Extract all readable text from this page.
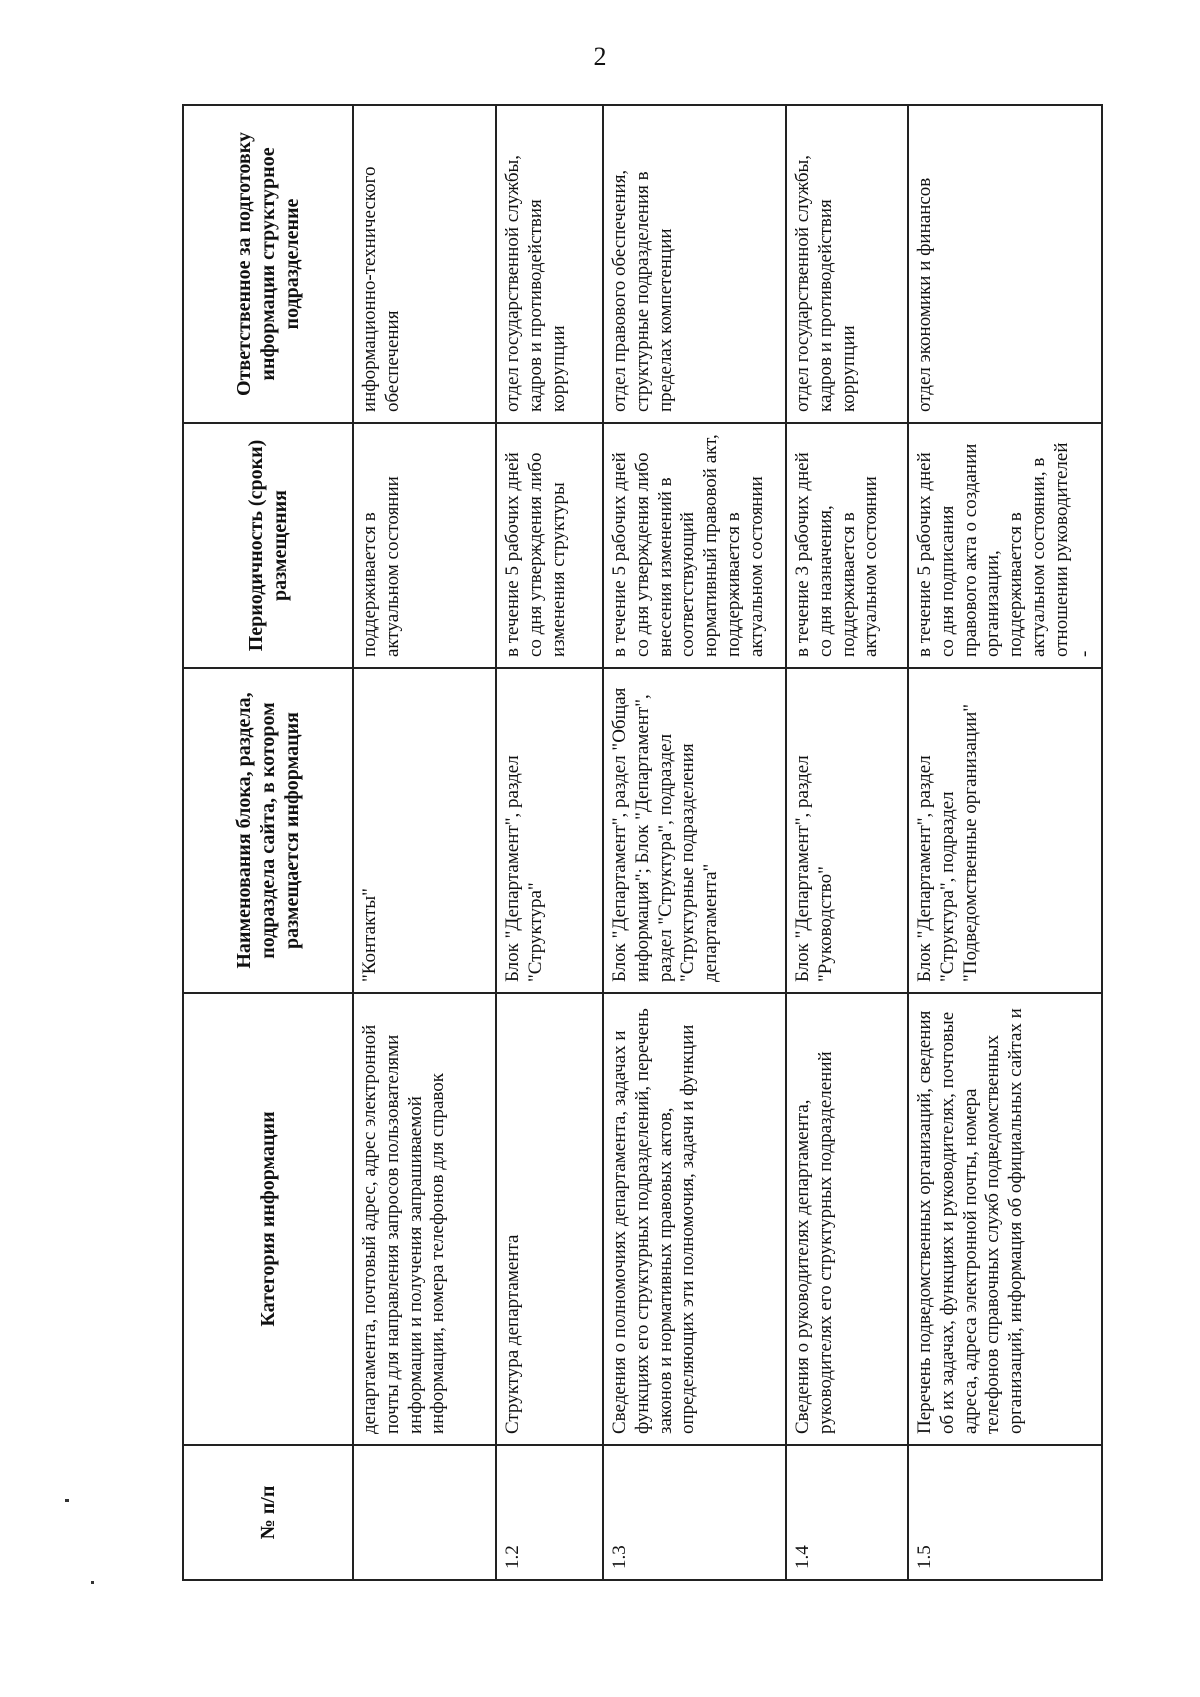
2
№ п/п	Категория информации	Наименования блока, раздела, подраздела сайта, в котором размещается информация	Периодичность (сроки) размещения	Ответственное за подготовку информации структурное подразделение
	департамента, почтовый адрес, адрес электронной почты для направления запросов пользователями информации и получения запрашиваемой информации, номера телефонов для справок	"Контакты"	поддерживается в актуальном состоянии	информационно-технического обеспечения
1.2	Структура департамента	Блок "Департамент", раздел "Структура"	в течение 5 рабочих дней со дня утверждения либо изменения структуры	отдел государственной службы, кадров и противодействия коррупции
1.3	Сведения о полномочиях департамента, задачах и функциях его структурных подразделений, перечень законов и нормативных правовых актов, определяющих эти полномочия, задачи и функции	Блок "Департамент", раздел "Общая информация"; Блок "Департамент", раздел "Структура", подраздел "Структурные подразделения департамента"	в течение 5 рабочих дней со дня утверждения либо внесения изменений в соответствующий нормативный правовой акт, поддерживается в актуальном состоянии	отдел правового обеспечения, структурные подразделения в пределах компетенции
1.4	Сведения о руководителях департамента, руководителях его структурных подразделений	Блок "Департамент", раздел "Руководство"	в течение 3 рабочих дней со дня назначения, поддерживается в актуальном состоянии	отдел государственной службы, кадров и противодействия коррупции
1.5	Перечень подведомственных организаций, сведения об их задачах, функциях и руководителях, почтовые адреса, адреса электронной почты, номера телефонов справочных служб подведомственных организаций, информация об официальных сайтах и	Блок "Департамент", раздел "Структура", подраздел "Подведомственные организации"	в течение 5 рабочих дней со дня подписания правового акта о создании организации, поддерживается в актуальном состоянии, в отношении руководителей -	отдел экономики и финансов
